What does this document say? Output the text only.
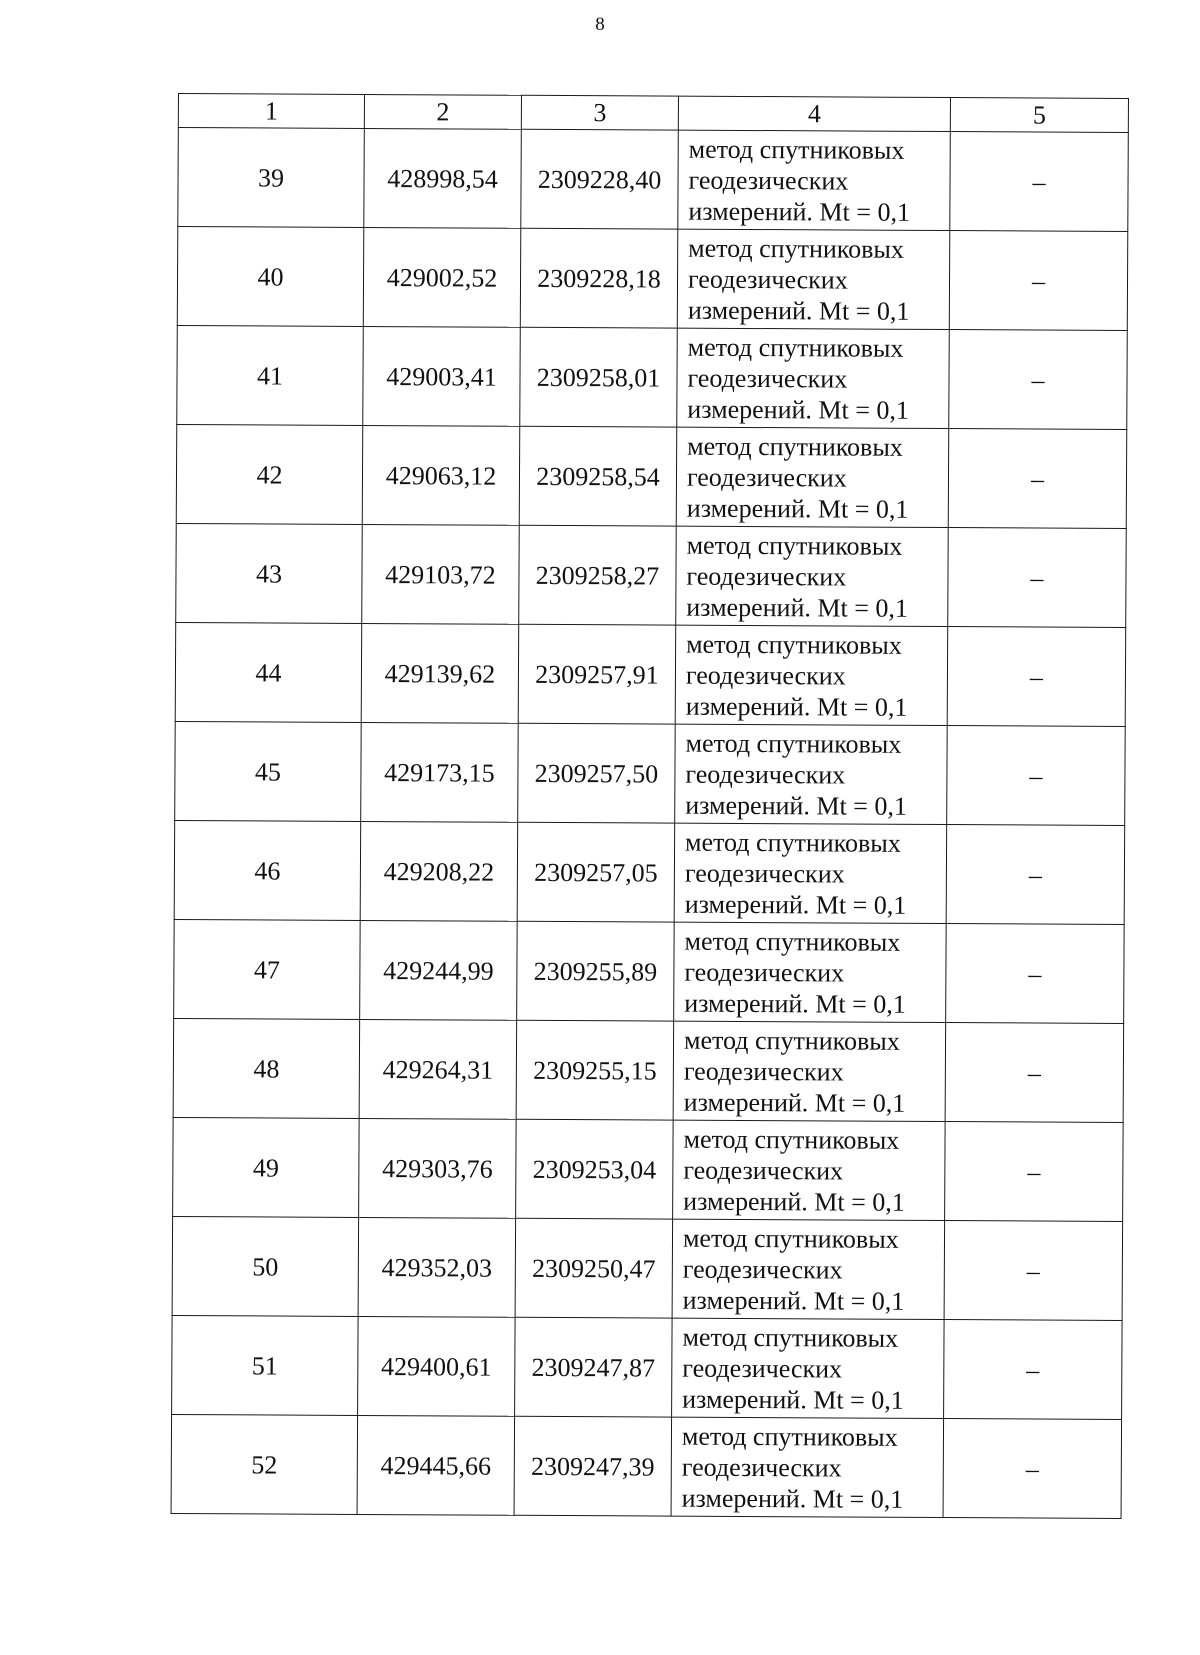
8
1	2	3	4	5
39	428998,54	2309228,40	метод спутниковых
геодезических
измерений. Mt = 0,1	–
40	429002,52	2309228,18	метод спутниковых
геодезических
измерений. Mt = 0,1	–
41	429003,41	2309258,01	метод спутниковых
геодезических
измерений. Mt = 0,1	–
42	429063,12	2309258,54	метод спутниковых
геодезических
измерений. Mt = 0,1	–
43	429103,72	2309258,27	метод спутниковых
геодезических
измерений. Mt = 0,1	–
44	429139,62	2309257,91	метод спутниковых
геодезических
измерений. Mt = 0,1	–
45	429173,15	2309257,50	метод спутниковых
геодезических
измерений. Mt = 0,1	–
46	429208,22	2309257,05	метод спутниковых
геодезических
измерений. Mt = 0,1	–
47	429244,99	2309255,89	метод спутниковых
геодезических
измерений. Mt = 0,1	–
48	429264,31	2309255,15	метод спутниковых
геодезических
измерений. Mt = 0,1	–
49	429303,76	2309253,04	метод спутниковых
геодезических
измерений. Mt = 0,1	–
50	429352,03	2309250,47	метод спутниковых
геодезических
измерений. Mt = 0,1	–
51	429400,61	2309247,87	метод спутниковых
геодезических
измерений. Mt = 0,1	–
52	429445,66	2309247,39	метод спутниковых
геодезических
измерений. Mt = 0,1	–
